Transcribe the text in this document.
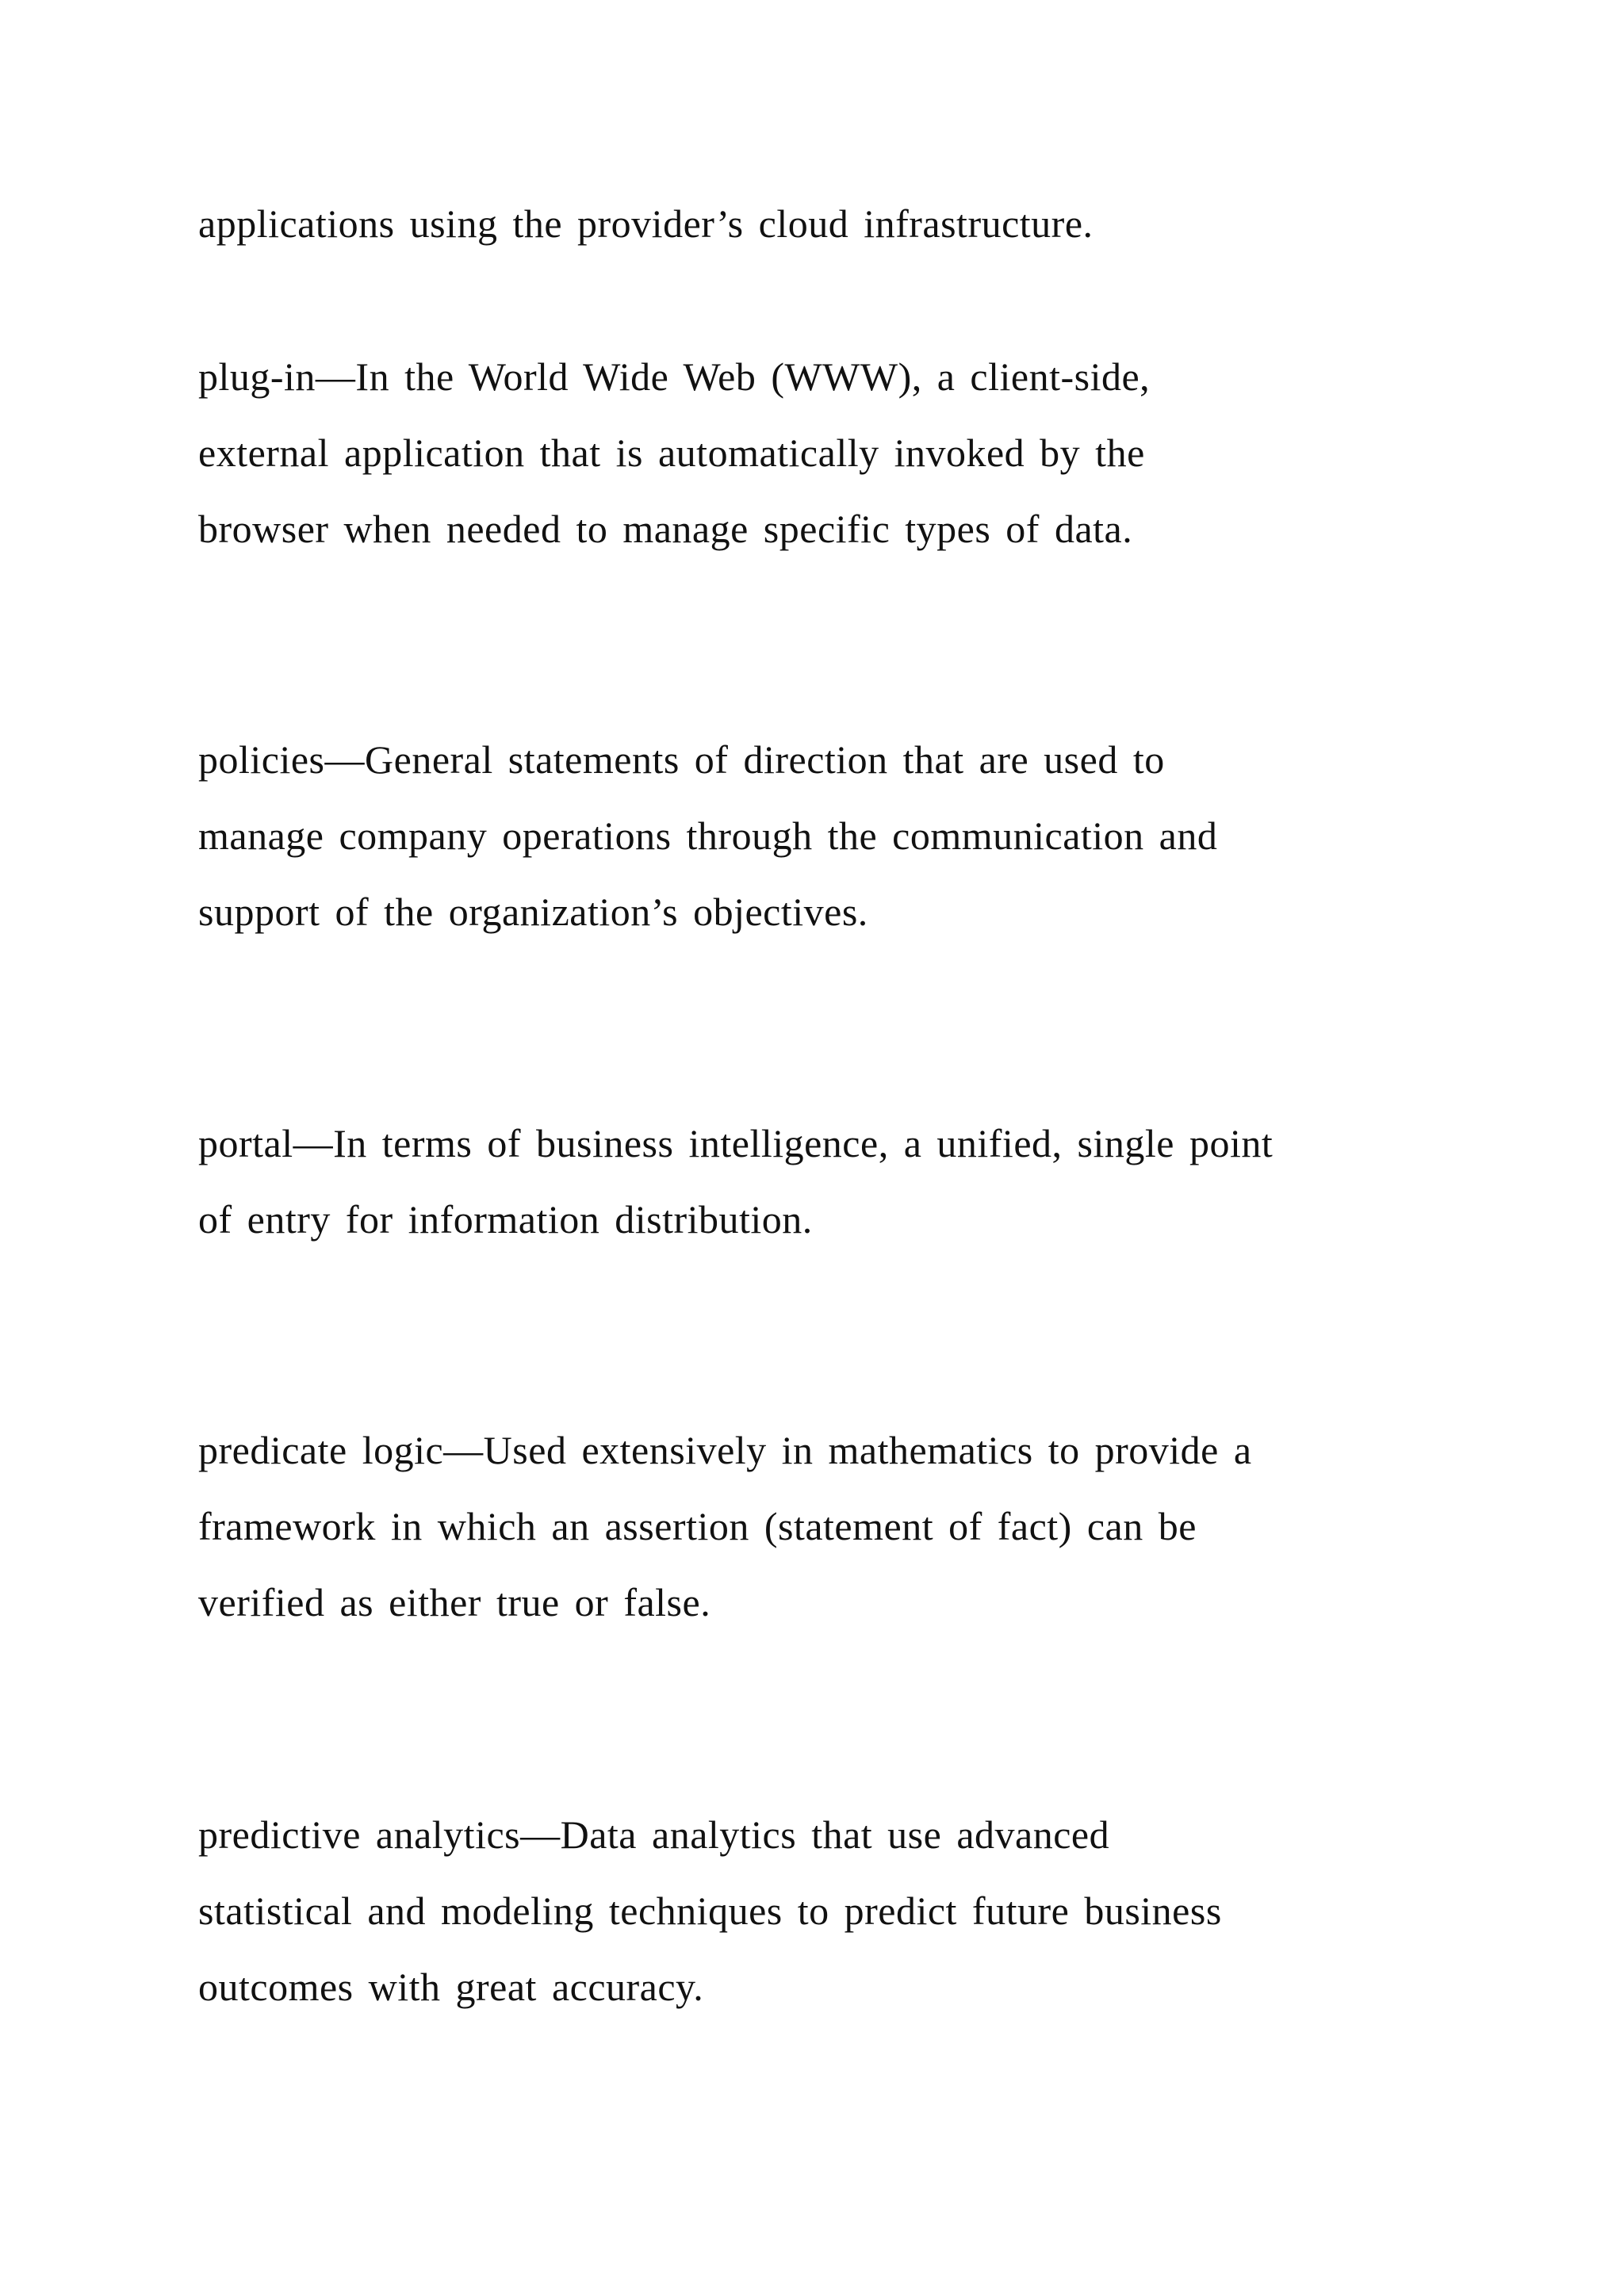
applications using the provider’s cloud infrastructure.

plug-in—In the World Wide Web (WWW), a client-side,
external application that is automatically invoked by the
browser when needed to manage specific types of data.

policies—General statements of direction that are used to
manage company operations through the communication and
support of the organization’s objectives.

portal—In terms of business intelligence, a unified, single point
of entry for information distribution.

predicate logic—Used extensively in mathematics to provide a
framework in which an assertion (statement of fact) can be
verified as either true or false.

predictive analytics—Data analytics that use advanced
statistical and modeling techniques to predict future business
outcomes with great accuracy.
